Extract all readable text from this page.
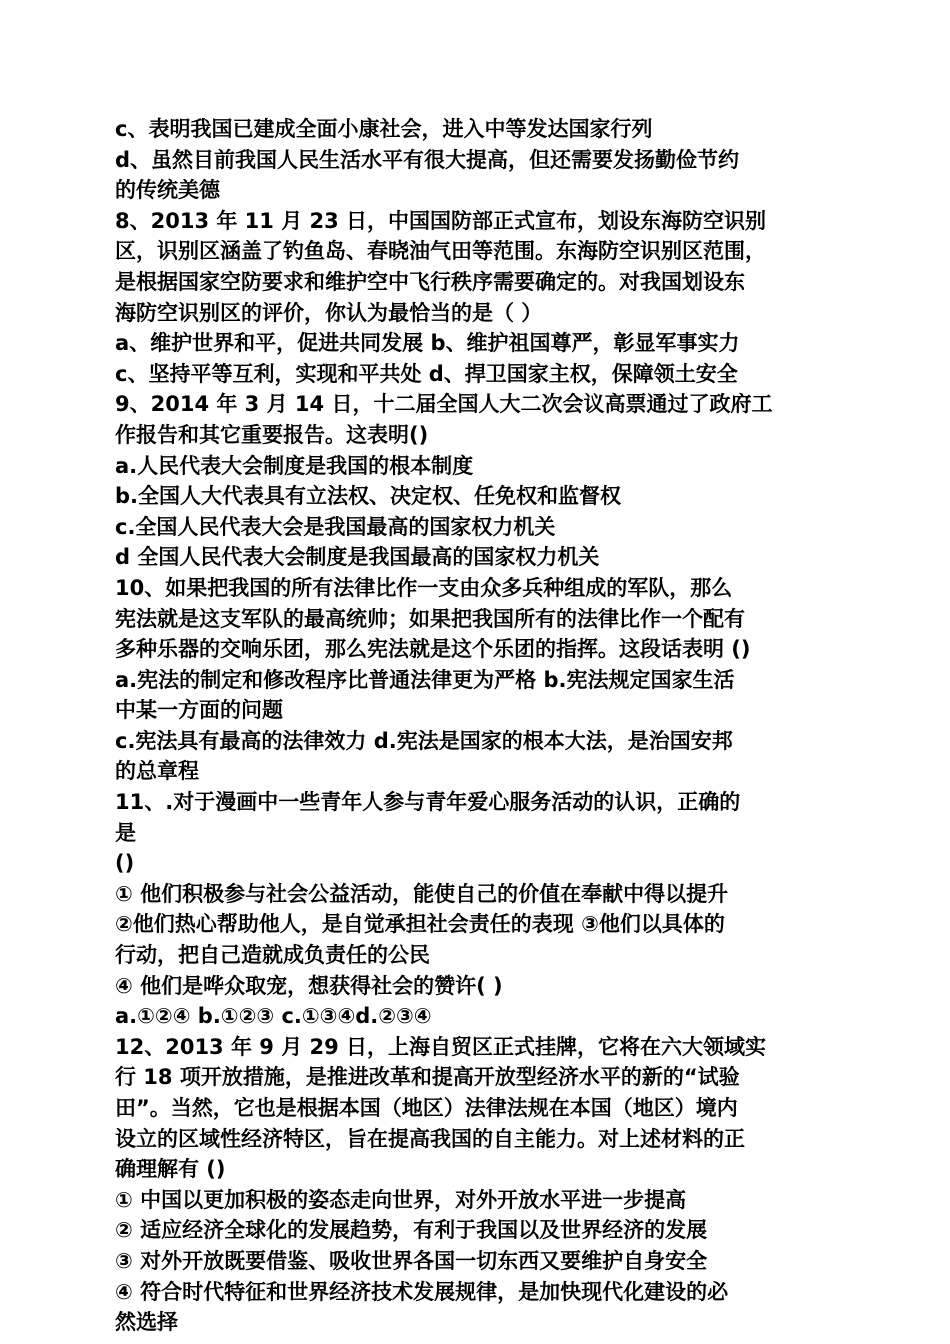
c、表明我国已建成全面小康社会，进入中等发达国家行列
d、虽然目前我国人民生活水平有很大提高，但还需要发扬勤俭节约
的传统美德
8、2013 年 11 月 23 日，中国国防部正式宣布，划设东海防空识别
区，识别区涵盖了钓鱼岛、春晓油气田等范围。东海防空识别区范围，
是根据国家空防要求和维护空中飞行秩序需要确定的。对我国划设东
海防空识别区的评价，你认为最恰当的是（ ）
a、维护世界和平，促进共同发展 b、维护祖国尊严，彰显军事实力
c、坚持平等互利，实现和平共处 d、捍卫国家主权，保障领土安全
9、2014 年 3 月 14 日，十二届全国人大二次会议高票通过了政府工
作报告和其它重要报告。这表明()
a.人民代表大会制度是我国的根本制度
b.全国人大代表具有立法权、决定权、任免权和监督权
c.全国人民代表大会是我国最高的国家权力机关
d 全国人民代表大会制度是我国最高的国家权力机关
10、如果把我国的所有法律比作一支由众多兵种组成的军队，那么
宪法就是这支军队的最高统帅；如果把我国所有的法律比作一个配有
多种乐器的交响乐团，那么宪法就是这个乐团的指挥。这段话表明 ()
a.宪法的制定和修改程序比普通法律更为严格 b.宪法规定国家生活
中某一方面的问题
c.宪法具有最高的法律效力 d.宪法是国家的根本大法，是治国安邦
的总章程
11、.对于漫画中一些青年人参与青年爱心服务活动的认识，正确的
是
()
① 他们积极参与社会公益活动，能使自己的价值在奉献中得以提升
②他们热心帮助他人，是自觉承担社会责任的表现 ③他们以具体的
行动，把自己造就成负责任的公民
④ 他们是哗众取宠，想获得社会的赞许( )
a.①②④ b.①②③ c.①③④d.②③④
12、2013 年 9 月 29 日，上海自贸区正式挂牌，它将在六大领域实
行 18 项开放措施，是推进改革和提高开放型经济水平的新的“试验
田”。当然，它也是根据本国（地区）法律法规在本国（地区）境内
设立的区域性经济特区，旨在提高我国的自主能力。对上述材料的正
确理解有 ()
① 中国以更加积极的姿态走向世界，对外开放水平进一步提高
② 适应经济全球化的发展趋势，有利于我国以及世界经济的发展
③ 对外开放既要借鉴、吸收世界各国一切东西又要维护自身安全
④ 符合时代特征和世界经济技术发展规律，是加快现代化建设的必
然选择
